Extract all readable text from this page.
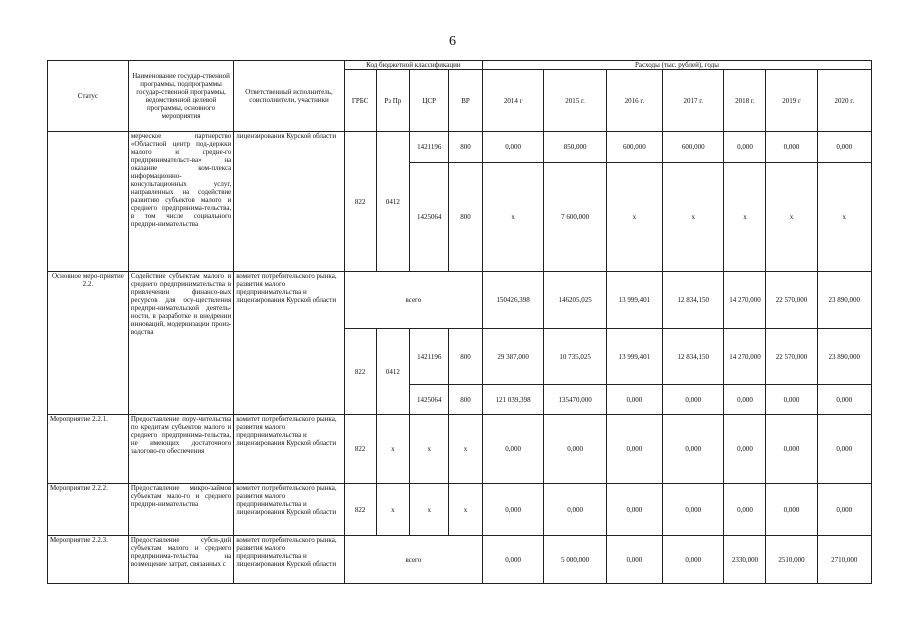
6
Статус	Наименование государ-ственной программы, подпрограммы государ-ственной программы, ведомственной целевой программы, основного мероприятия	Ответственный исполнитель, соисполнители, участники	Код бюджетной классификации				Расходы (тыс. рублей), годы						
			ГРБС	Рз Пр	ЦСР	ВР	2014 г	2015 г.	2016 г.	2017 г.	2018 г.	2019 г	2020 г.
	мерческое партнерство «Областной центр под-держки малого и средне-го предпринимательст-ва» на оказание ком-плекса информационно-консультационных услуг, направленных на содействие развитию субъектов малого и среднего предпринима-тельства, в том числе социального предпри-нимательства	лицензирования Курской области	822	0412	1421196	800	0,000	850,000	600,000	600,000	0,000	0,000	0,000
					1425064	800	x	7 600,000	x	x	x	x	x
Основное меро-приятие 2.2.	Содействие субъектам малого и среднего предпринимательства в привлечении финансо-вых ресурсов для осу-ществления предпри-нимательской деятель-ности, в разработке и внедрении инноваций, модернизации произ-водства	комитет потребительского рынка, развития малого предпринимательства и лицензирования Курской области	всего				150426,398	146205,025	13 999,401	12 834,150	14 270,000	22 570,000	23 890,000
			822	0412	1421196	800	29 387,000	10 735,025	13 999,401	12 834,150	14 270,000	22 570,000	23 890,000
					1425064	800	121 039,398	135470,000	0,000	0,000	0,000	0,000	0,000
Мероприятие 2.2.1.	Предоставление пору-чительства по кредитам субъектов малого и среднего предпринима-тельства, не имеющих достаточного залогово-го обеспечения	комитет потребительского рынка, развития малого предпринимательства и лицензирования Курской области	822	x	x	x	0,000	0,000	0,000	0,000	0,000	0,000	0,000
Мероприятие 2.2.2.	Предоставление микро-займов субъектам мало-го и среднего предпри-нимательства	комитет потребительского рынка, развития малого предпринимательства и лицензирования Курской области	822	x	x	x	0,000	0,000	0,000	0,000	0,000	0,000	0,000
Мероприятие 2.2.3.	Предоставление субси-дий субъектам малого и среднего предпринима-тельства на возмещение затрат, связанных с	комитет потребительского рынка, развития малого предпринимательства и лицензирования Курской области	всего				0,000	5 000,000	0,000	0,000	2330,000	2510,000	2710,000
